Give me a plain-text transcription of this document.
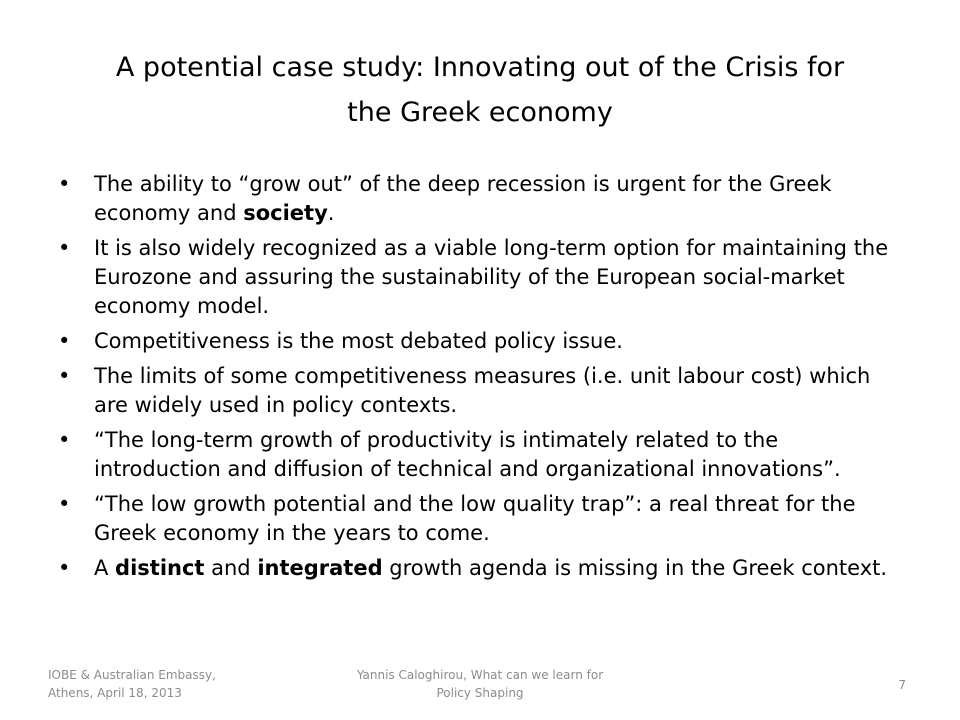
A potential case study: Innovating out of the Crisis for
the Greek economy
•	The ability to “grow out” of the deep recession is urgent for the Greek economy and society.
•	It is also widely recognized as a viable long-term option for maintaining the Eurozone and assuring the sustainability of the European social-market economy model.
•	Competitiveness is the most debated policy issue.
•	The limits of some competitiveness measures (i.e. unit labour cost) which are widely used in policy contexts.
•	“The long-term growth of productivity is intimately related to the introduction and diffusion of technical and organizational innovations”.
•	“The low growth potential and the low quality trap”: a real threat for the Greek economy in the years to come.
•	A distinct and integrated growth agenda is missing in the Greek context.
IOBE & Australian Embassy,
Athens, April 18, 2013
Yannis Caloghirou, What can we learn for
Policy Shaping
7
